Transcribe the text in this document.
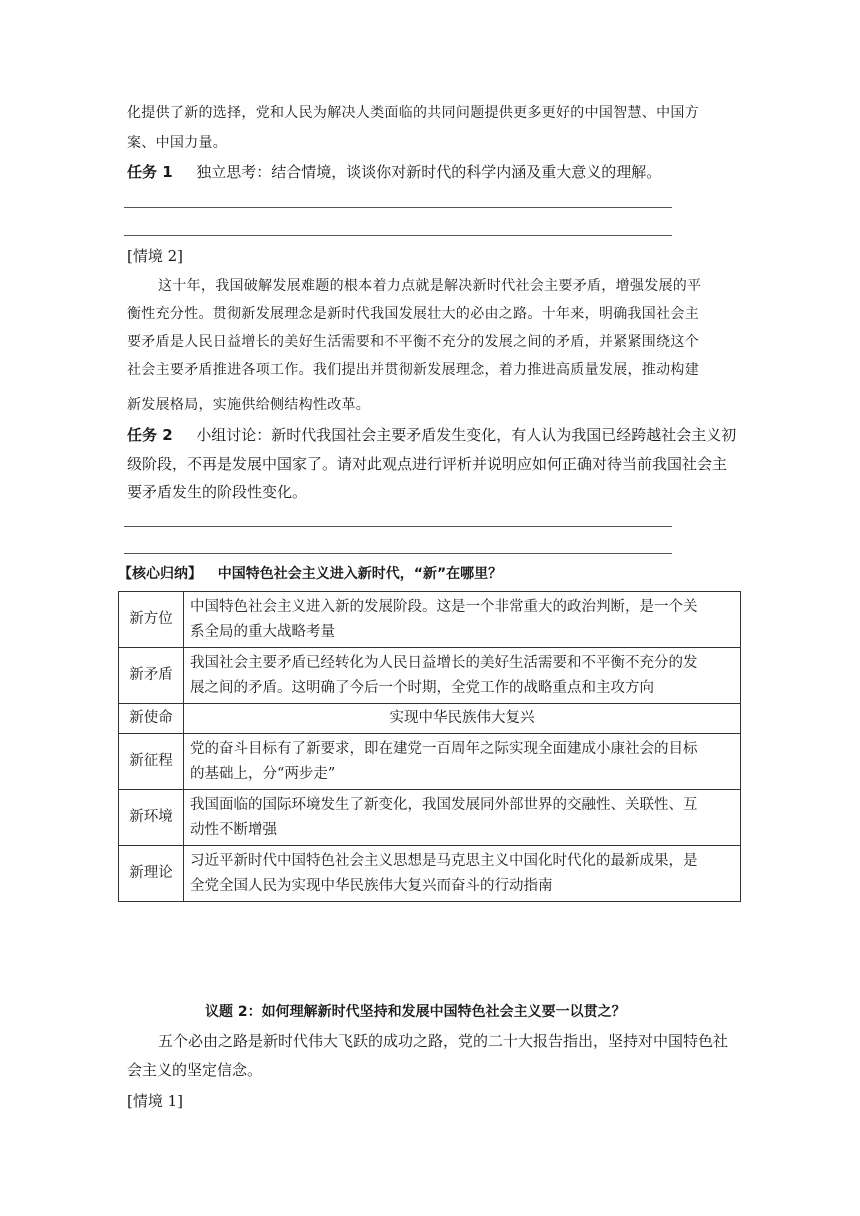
化提供了新的选择，党和人民为解决人类面临的共同问题提供更多更好的中国智慧、中国方
案、中国力量。
任务 1 独立思考：结合情境，谈谈你对新时代的科学内涵及重大意义的理解。
[情境 2]
这十年，我国破解发展难题的根本着力点就是解决新时代社会主要矛盾，增强发展的平
衡性充分性。贯彻新发展理念是新时代我国发展壮大的必由之路。十年来，明确我国社会主
要矛盾是人民日益增长的美好生活需要和不平衡不充分的发展之间的矛盾，并紧紧围绕这个
社会主要矛盾推进各项工作。我们提出并贯彻新发展理念，着力推进高质量发展，推动构建
新发展格局，实施供给侧结构性改革。
任务 2 小组讨论：新时代我国社会主要矛盾发生变化，有人认为我国已经跨越社会主义初
级阶段，不再是发展中国家了。请对此观点进行评析并说明应如何正确对待当前我国社会主
要矛盾发生的阶段性变化。
【核心归纳】 中国特色社会主义进入新时代，“新”在哪里？
新方位	中国特色社会主义进入新的发展阶段。这是一个非常重大的政治判断，是一个关
系全局的重大战略考量

新矛盾	我国社会主要矛盾已经转化为人民日益增长的美好生活需要和不平衡不充分的发
展之间的矛盾。这明确了今后一个时期，全党工作的战略重点和主攻方向

新使命	实现中华民族伟大复兴

新征程	党的奋斗目标有了新要求，即在建党一百周年之际实现全面建成小康社会的目标
的基础上，分“两步走”

新环境	我国面临的国际环境发生了新变化，我国发展同外部世界的交融性、关联性、互
动性不断增强

新理论	习近平新时代中国特色社会主义思想是马克思主义中国化时代化的最新成果，是
全党全国人民为实现中华民族伟大复兴而奋斗的行动指南
议题 2：如何理解新时代坚持和发展中国特色社会主义要一以贯之？
五个必由之路是新时代伟大飞跃的成功之路，党的二十大报告指出，坚持对中国特色社
会主义的坚定信念。
[情境 1]
